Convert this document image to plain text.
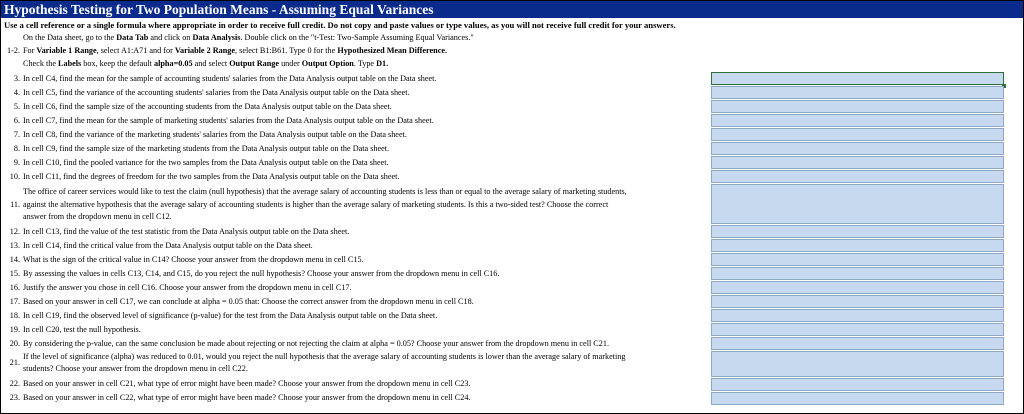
Hypothesis Testing for Two Population Means - Assuming Equal Variances
Use a cell reference or a single formula where appropriate in order to receive full credit. Do not copy and paste values or type values, as you will not receive full credit for your answers.
On the Data sheet, go to the Data Tab and click on Data Analysis. Double click on the "t-Test: Two-Sample Assuming Equal Variances."
1-2. For Variable 1 Range, select A1:A71 and for Variable 2 Range, select B1:B61. Type 0 for the Hypothesized Mean Difference.
Check the Labels box, keep the default alpha=0.05 and select Output Range under Output Option. Type D1.
3. In cell C4, find the mean for the sample of accounting students' salaries from the Data Analysis output table on the Data sheet.
4. In cell C5, find the variance of the accounting students' salaries from the Data Analysis output table on the Data sheet.
5. In cell C6, find the sample size of the accounting students from the Data Analysis output table on the Data sheet.
6. In cell C7, find the mean for the sample of marketing students' salaries from the Data Analysis output table on the Data sheet.
7. In cell C8, find the variance of the marketing students' salaries from the Data Analysis output table on the Data sheet.
8. In cell C9, find the sample size of the marketing students from the Data Analysis output table on the Data sheet.
9. In cell C10, find the pooled variance for the two samples from the Data Analysis output table on the Data sheet.
10. In cell C11, find the degrees of freedom for the two samples from the Data Analysis output table on the Data sheet.
The office of career services would like to test the claim (null hypothesis) that the average salary of accounting students is less than or equal to the average salary of marketing students,
11. against the alternative hypothesis that the average salary of accounting students is higher than the average salary of marketing students. Is this a two-sided test? Choose the correct
answer from the dropdown menu in cell C12.
12. In cell C13, find the value of the test statistic from the Data Analysis output table on the Data sheet.
13. In cell C14, find the critical value from the Data Analysis output table on the Data sheet.
14. What is the sign of the critical value in C14? Choose your answer from the dropdown menu in cell C15.
15. By assessing the values in cells C13, C14, and C15, do you reject the null hypothesis? Choose your answer from the dropdown menu in cell C16.
16. Justify the answer you chose in cell C16. Choose your answer from the dropdown menu in cell C17.
17. Based on your answer in cell C17, we can conclude at alpha = 0.05 that: Choose the correct answer from the dropdown menu in cell C18.
18. In cell C19, find the observed level of significance (p-value) for the test from the Data Analysis output table on the Data sheet.
19. In cell C20, test the null hypothesis.
20. By considering the p-value, can the same conclusion be made about rejecting or not rejecting the claim at alpha = 0.05? Choose your answer from the dropdown menu in cell C21.
If the level of significance (alpha) was reduced to 0.01, would you reject the null hypothesis that the average salary of accounting students is lower than the average salary of marketing
21.
students? Choose your answer from the dropdown menu in cell C22.
22. Based on your answer in cell C21, what type of error might have been made? Choose your answer from the dropdown menu in cell C23.
23. Based on your answer in cell C22, what type of error might have been made? Choose your answer from the dropdown menu in cell C24.
